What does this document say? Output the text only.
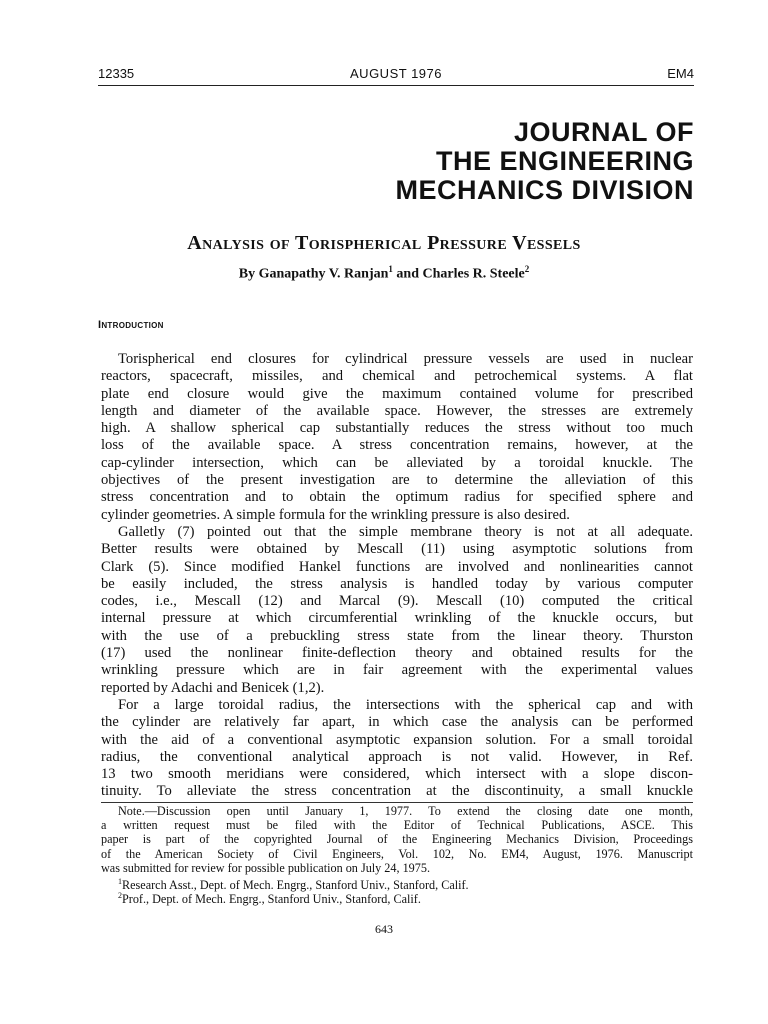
12335	AUGUST 1976	EM4
JOURNAL OF
THE ENGINEERING
MECHANICS DIVISION
Analysis of Torispherical Pressure Vessels
By Ganapathy V. Ranjan$^1$ and Charles R. Steele$^2$
Introduction
Torispherical end closures for cylindrical pressure vessels are used in nuclear
reactors, spacecraft, missiles, and chemical and petrochemical systems. A flat
plate end closure would give the maximum contained volume for prescribed
length and diameter of the available space. However, the stresses are extremely
high. A shallow spherical cap substantially reduces the stress without too much
loss of the available space. A stress concentration remains, however, at the
cap-cylinder intersection, which can be alleviated by a toroidal knuckle. The
objectives of the present investigation are to determine the alleviation of this
stress concentration and to obtain the optimum radius for specified sphere and
cylinder geometries. A simple formula for the wrinkling pressure is also desired.
Galletly (7) pointed out that the simple membrane theory is not at all adequate.
Better results were obtained by Mescall (11) using asymptotic solutions from
Clark (5). Since modified Hankel functions are involved and nonlinearities cannot
be easily included, the stress analysis is handled today by various computer
codes, i.e., Mescall (12) and Marcal (9). Mescall (10) computed the critical
internal pressure at which circumferential wrinkling of the knuckle occurs, but
with the use of a prebuckling stress state from the linear theory. Thurston
(17) used the nonlinear finite-deflection theory and obtained results for the
wrinkling pressure which are in fair agreement with the experimental values
reported by Adachi and Benicek (1,2).
For a large toroidal radius, the intersections with the spherical cap and with
the cylinder are relatively far apart, in which case the analysis can be performed
with the aid of a conventional asymptotic expansion solution. For a small toroidal
radius, the conventional analytical approach is not valid. However, in Ref.
13 two smooth meridians were considered, which intersect with a slope discon-
tinuity. To alleviate the stress concentration at the discontinuity, a small knuckle
Note.—Discussion open until January 1, 1977. To extend the closing date one month,
a written request must be filed with the Editor of Technical Publications, ASCE. This
paper is part of the copyrighted Journal of the Engineering Mechanics Division, Proceedings
of the American Society of Civil Engineers, Vol. 102, No. EM4, August, 1976. Manuscript
was submitted for review for possible publication on July 24, 1975.
$^1$Research Asst., Dept. of Mech. Engrg., Stanford Univ., Stanford, Calif.
$^2$Prof., Dept. of Mech. Engrg., Stanford Univ., Stanford, Calif.
643
